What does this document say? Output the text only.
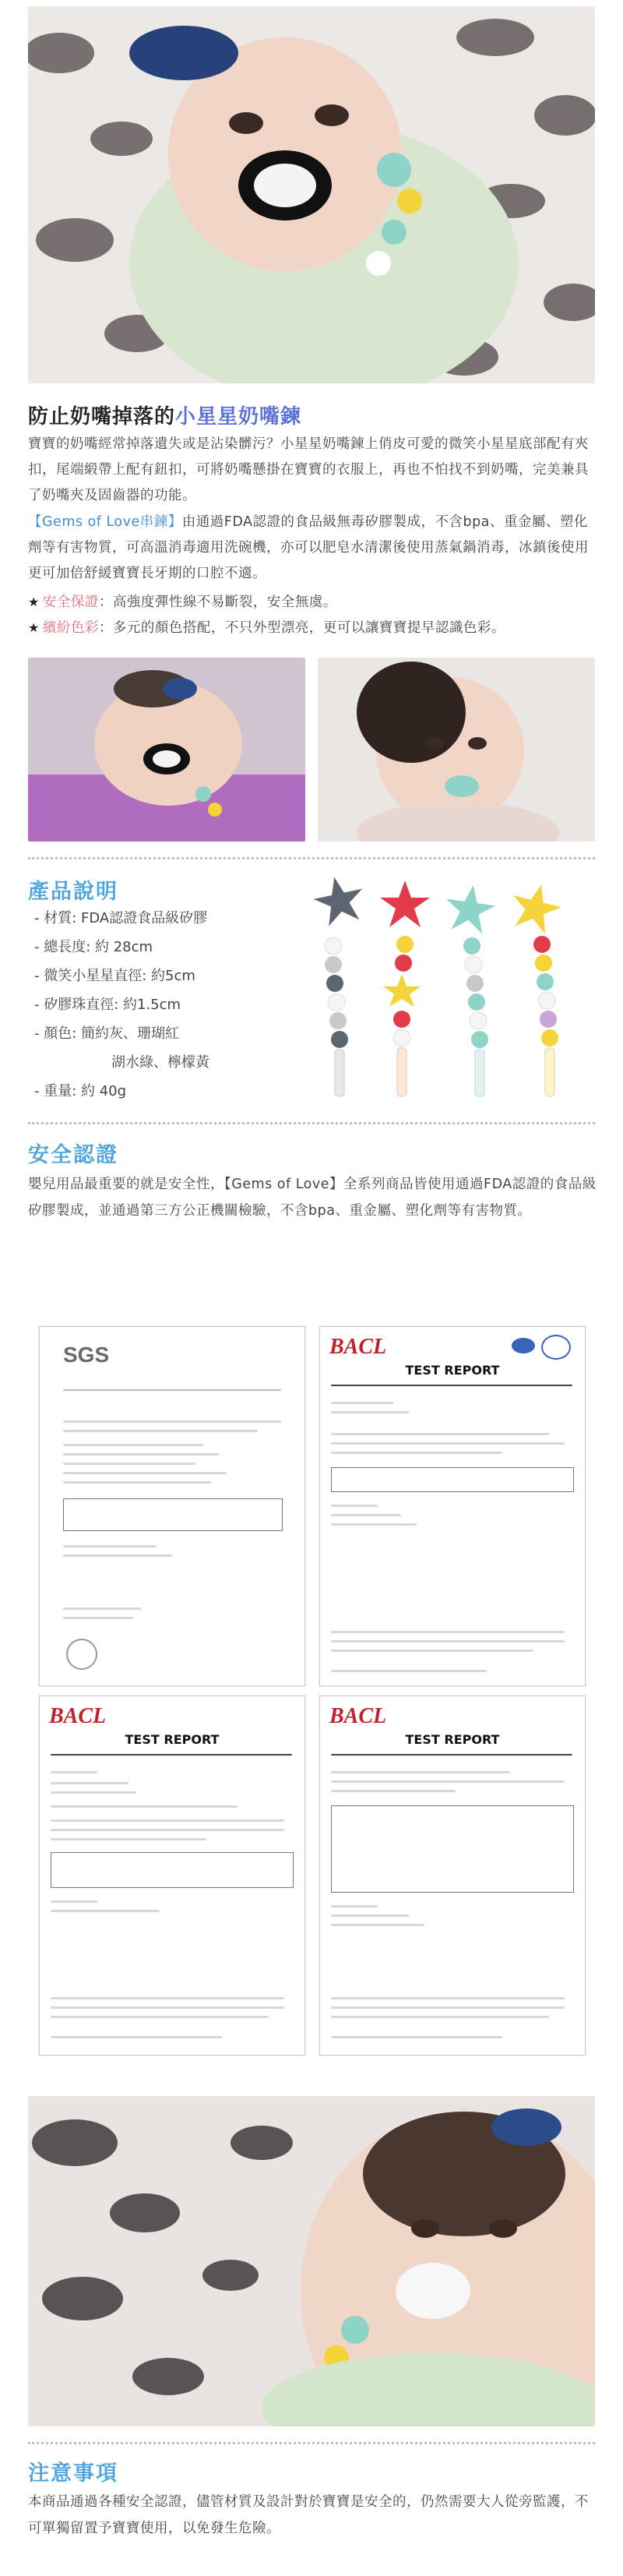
防止奶嘴掉落的小星星奶嘴鍊
寶寶的奶嘴經常掉落遺失或是沾染髒污？小星星奶嘴鍊上俏皮可愛的微笑小星星底部配有夾扣，尾端緞帶上配有鈕扣，可將奶嘴懸掛在寶寶的衣服上，再也不怕找不到奶嘴，完美兼具了奶嘴夾及固齒器的功能。
【Gems of Love串鍊】由通過FDA認證的食品級無毒矽膠製成，不含bpa、重金屬、塑化劑等有害物質，可高溫消毒適用洗碗機，亦可以肥皂水清潔後使用蒸氣鍋消毒，冰鎮後使用更可加倍舒緩寶寶長牙期的口腔不適。
★ 安全保證：高強度彈性線不易斷裂，安全無虞。
★ 繽紛色彩：多元的顏色搭配，不只外型漂亮，更可以讓寶寶提早認識色彩。
產品說明
- 材質: FDA認證食品級矽膠
- 總長度: 約 28cm
- 微笑小星星直徑: 約5cm
- 矽膠珠直徑: 約1.5cm
- 顏色: 簡約灰、珊瑚紅
湖水綠、檸檬黃
- 重量: 約 40g
安全認證
嬰兒用品最重要的就是安全性，【Gems of Love】全系列商品皆使用通過FDA認證的食品級矽膠製成，並通過第三方公正機關檢驗，不含bpa、重金屬、塑化劑等有害物質。
SGS	BACL
TEST REPORT
BACL
TEST REPORT
BACL
TEST REPORT
注意事項
本商品通過各種安全認證，儘管材質及設計對於寶寶是安全的，仍然需要大人從旁監護，不可單獨留置予寶寶使用，以免發生危險。
